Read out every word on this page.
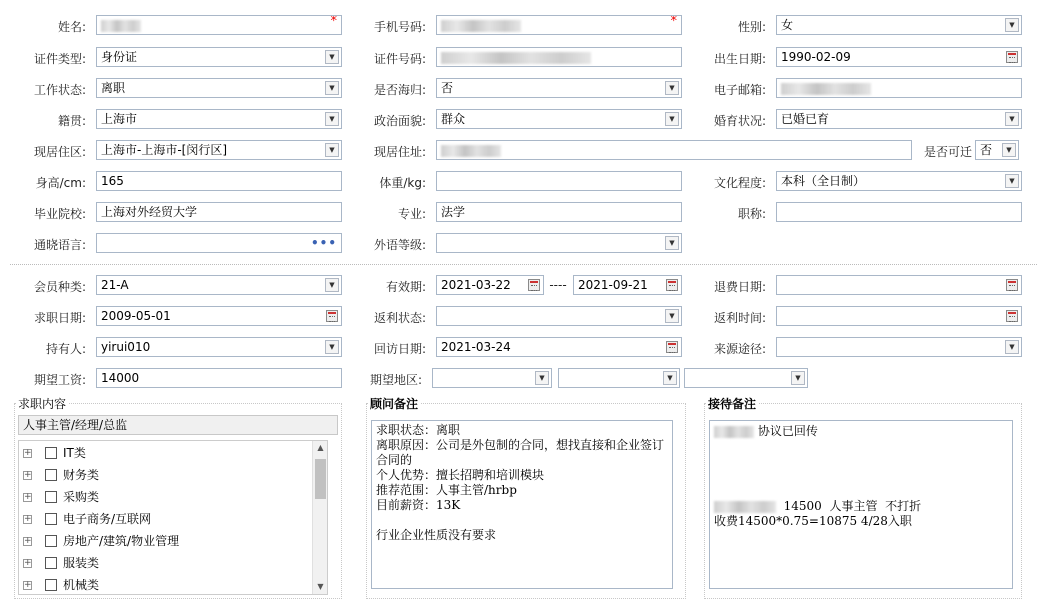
姓名:	*	手机号码:	*	性别:	女	▼
证件类型:	身份证	▼	证件号码:	出生日期:	1990-02-09
工作状态:	离职	▼	是否海归:	否	▼	电子邮箱:
籍贯:	上海市	▼	政治面貌:	群众	▼	婚育状况:	已婚已育	▼
现居住区:	上海市-上海市-[闵行区]	▼	现居住址:	是否可迁 否	▼
身高/cm:	165	体重/kg:	文化程度:	本科（全日制）	▼
毕业院校:	上海对外经贸大学	专业:	法学	职称:
通晓语言:	•••	外语等级:	▼
会员种类:	21-A	▼	有效期:	2021-03-22	---- 2021-09-21	退费日期:
求职日期:	2009-05-01	返利状态:	▼	返利时间:
持有人:	yirui010	▼	回访日期:	2021-03-24	来源途径:	▼
期望工资:	14000	期望地区:	▼	▼	▼
求职内容
人事主管/经理/总监
+	IT类
+	财务类
+	采购类
+	电子商务/互联网
+	房地产/建筑/物业管理
+	服装类
+	机械类
▲
▼
顾问备注
求职状态：离职
离职原因：公司是外包制的合同，想找直接和企业签订合同的
个人优势：擅长招聘和培训模块
推荐范围：人事主管/hrbp
目前薪资：13K

行业企业性质没有要求
接待备注

协议已回传

14500  人事主管  不打折

收费14500*0.75=10875 4/28入职
